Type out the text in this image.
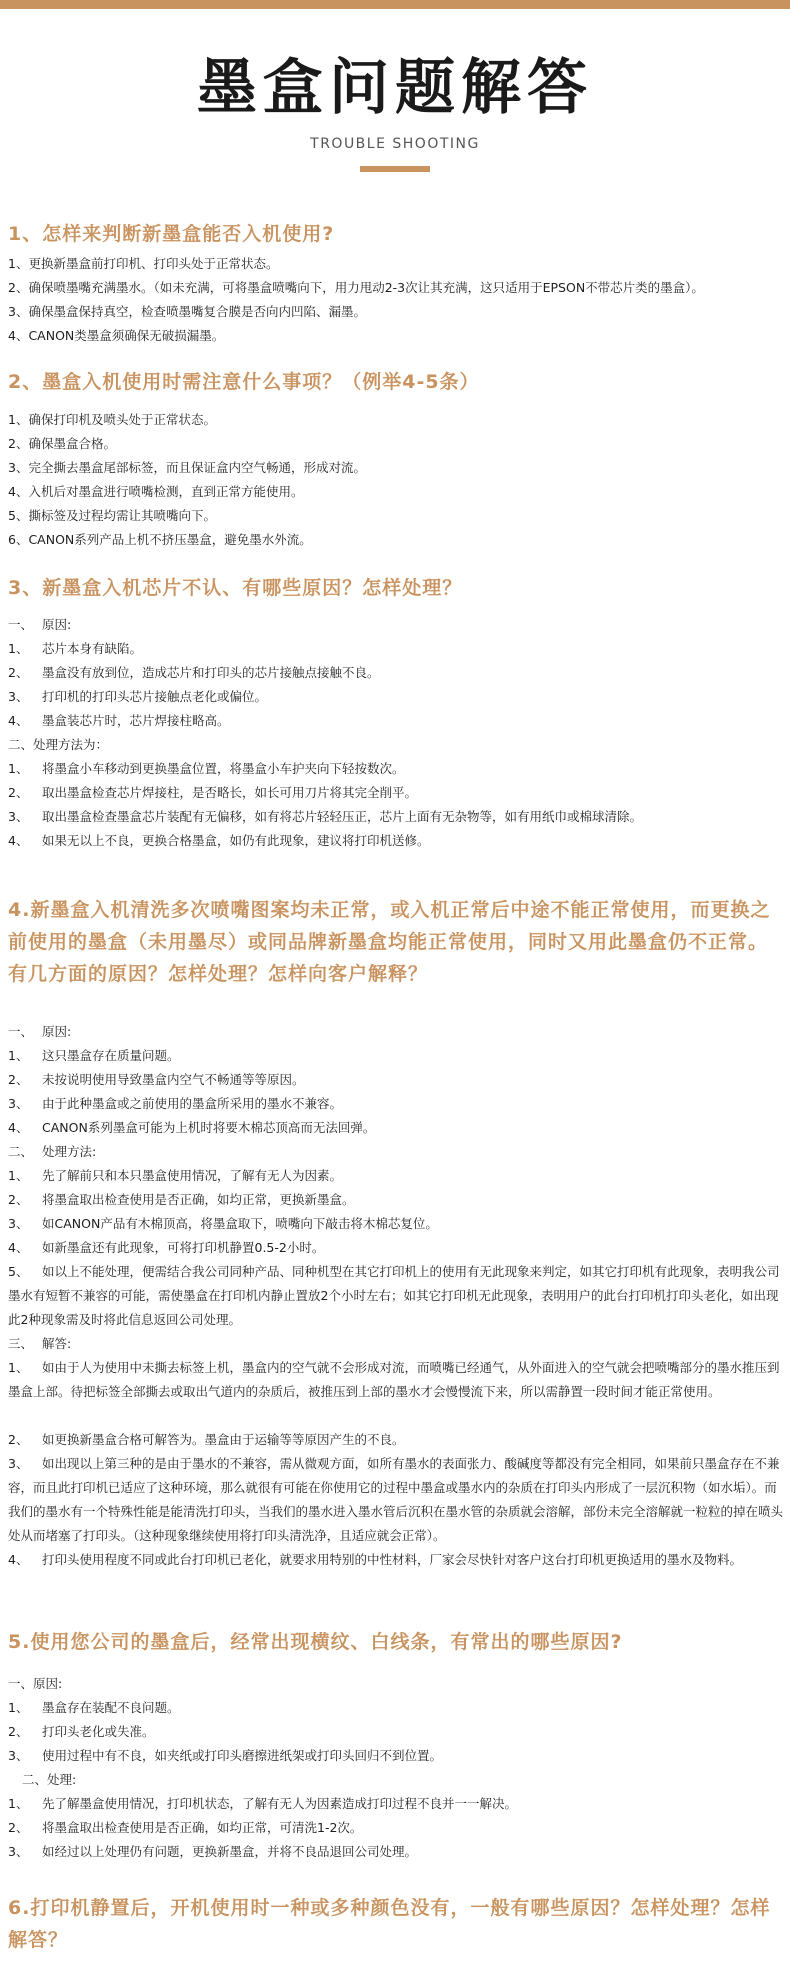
墨盒问题解答
TROUBLE SHOOTING
1、怎样来判断新墨盒能否入机使用?

1、更换新墨盒前打印机、打印头处于正常状态。

2、确保喷墨嘴充满墨水。（如未充满，可将墨盒喷嘴向下，用力甩动2-3次让其充满，这只适用于EPSON不带芯片类的墨盒）。

3、确保墨盒保持真空，检查喷墨嘴复合膜是否向内凹陷、漏墨。

4、CANON类墨盒须确保无破损漏墨。

2、墨盒入机使用时需注意什么事项？（例举4-5条）

1、确保打印机及喷头处于正常状态。

2、确保墨盒合格。

3、完全撕去墨盒尾部标签，而且保证盒内空气畅通，形成对流。

4、入机后对墨盒进行喷嘴检测，直到正常方能使用。

5、撕标签及过程均需让其喷嘴向下。

6、CANON系列产品上机不挤压墨盒，避免墨水外流。

3、新墨盒入机芯片不认、有哪些原因？怎样处理？

一、 原因:

1、 芯片本身有缺陷。

2、 墨盒没有放到位，造成芯片和打印头的芯片接触点接触不良。

3、 打印机的打印头芯片接触点老化或偏位。

4、 墨盒装芯片时，芯片焊接柱略高。

二、处理方法为：

1、 将墨盒小车移动到更换墨盒位置，将墨盒小车护夹向下轻按数次。

2、 取出墨盒检查芯片焊接柱，是否略长，如长可用刀片将其完全削平。

3、 取出墨盒检查墨盒芯片装配有无偏移，如有将芯片轻轻压正，芯片上面有无杂物等，如有用纸巾或棉球清除。

4、 如果无以上不良，更换合格墨盒，如仍有此现象，建议将打印机送修。

4.新墨盒入机清洗多次喷嘴图案均未正常，或入机正常后中途不能正常使用，而更换之前使用的墨盒（未用墨尽）或同品牌新墨盒均能正常使用，同时又用此墨盒仍不正常。有几方面的原因？怎样处理？怎样向客户解释？

一、 原因:

1、 这只墨盒存在质量问题。

2、 未按说明使用导致墨盒内空气不畅通等等原因。

3、 由于此种墨盒或之前使用的墨盒所采用的墨水不兼容。

4、 CANON系列墨盒可能为上机时将要木棉芯顶高而无法回弹。

二、 处理方法:

1、 先了解前只和本只墨盒使用情况，了解有无人为因素。

2、 将墨盒取出检查使用是否正确，如均正常，更换新墨盒。

3、 如CANON产品有木棉顶高，将墨盒取下，喷嘴向下敲击将木棉芯复位。

4、 如新墨盒还有此现象，可将打印机静置0.5-2小时。

5、 如以上不能处理，便需结合我公司同种产品、同种机型在其它打印机上的使用有无此现象来判定，如其它打印机有此现象，表明我公司墨水有短暂不兼容的可能，需使墨盒在打印机内静止置放2个小时左右；如其它打印机无此现象，表明用户的此台打印机打印头老化，如出现此2种现象需及时将此信息返回公司处理。

三、 解答:

1、 如由于人为使用中未撕去标签上机，墨盒内的空气就不会形成对流，而喷嘴已经通气，从外面进入的空气就会把喷嘴部分的墨水推压到墨盒上部。待把标签全部撕去或取出气道内的杂质后，被推压到上部的墨水才会慢慢流下来，所以需静置一段时间才能正常使用。

2、 如更换新墨盒合格可解答为。墨盒由于运输等等原因产生的不良。

3、 如出现以上第三种的是由于墨水的不兼容，需从微观方面，如所有墨水的表面张力、酸碱度等都没有完全相同，如果前只墨盒存在不兼容，而且此打印机已适应了这种环境，那么就很有可能在你使用它的过程中墨盒或墨水内的杂质在打印头内形成了一层沉积物（如水垢）。而我们的墨水有一个特殊性能是能清洗打印头，当我们的墨水进入墨水管后沉积在墨水管的杂质就会溶解，部份未完全溶解就一粒粒的掉在喷头处从而堵塞了打印头。（这种现象继续使用将打印头清洗净，且适应就会正常）。

4、 打印头使用程度不同或此台打印机已老化，就要求用特别的中性材料，厂家会尽快针对客户这台打印机更换适用的墨水及物料。

5.使用您公司的墨盒后，经常出现横纹、白线条，有常出的哪些原因?

一、原因:

1、 墨盒存在装配不良问题。

2、 打印头老化或失准。

3、 使用过程中有不良，如夹纸或打印头磨擦进纸架或打印头回归不到位置。

二、处理:

1、 先了解墨盒使用情况，打印机状态，了解有无人为因素造成打印过程不良并一一解决。

2、 将墨盒取出检查使用是否正确，如均正常，可清洗1-2次。

3、 如经过以上处理仍有问题，更换新墨盒，并将不良品退回公司处理。

6.打印机静置后，开机使用时一种或多种颜色没有，一般有哪些原因？怎样处理？怎样解答？
